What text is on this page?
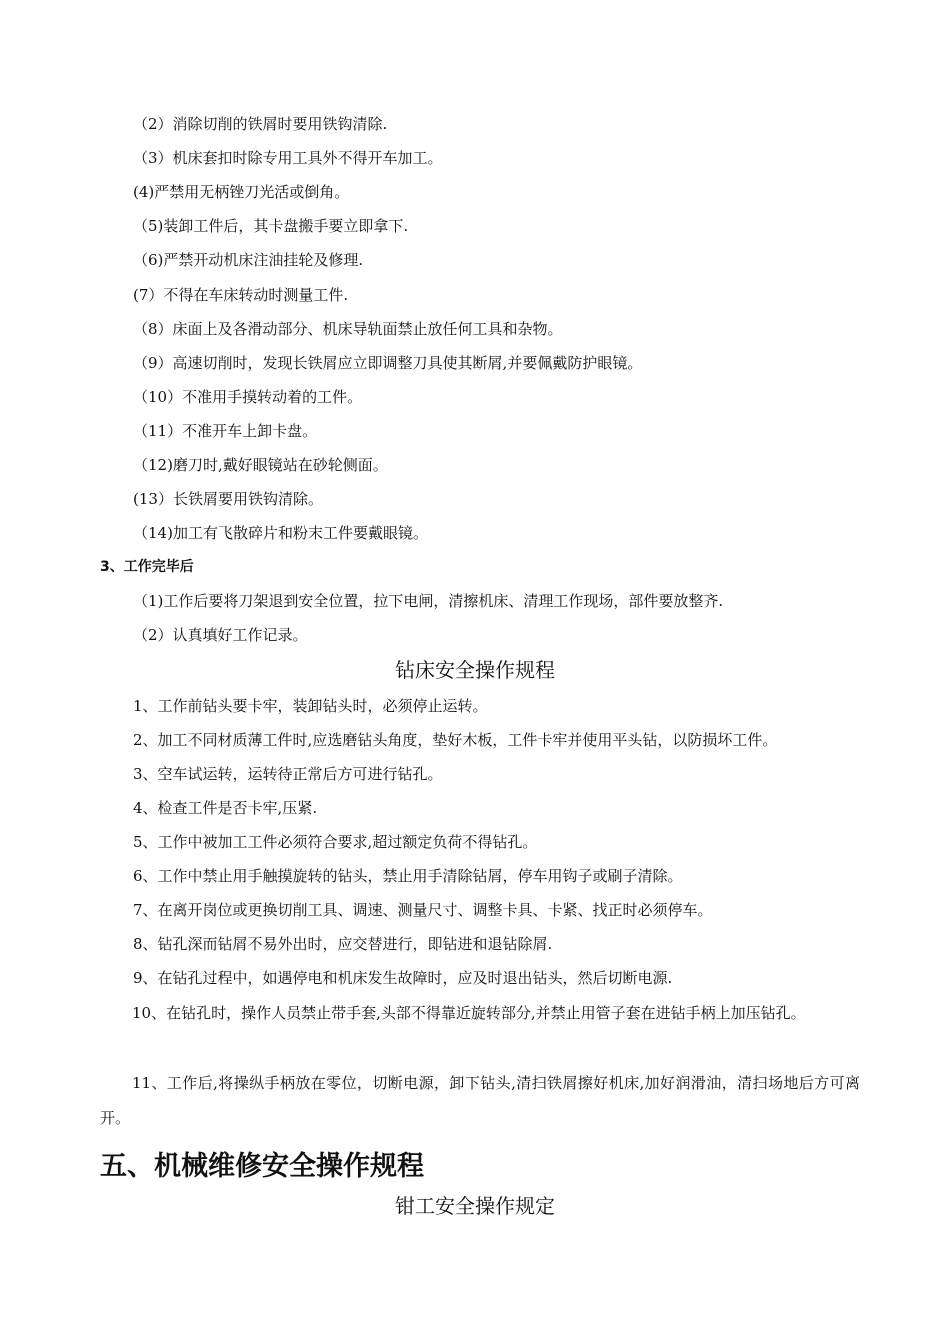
（2）消除切削的铁屑时要用铁钩清除.
（3）机床套扣时除专用工具外不得开车加工。
(4)严禁用无柄锉刀光活或倒角。
（5)装卸工件后，其卡盘搬手要立即拿下.
（6)严禁开动机床注油挂轮及修理.
(7）不得在车床转动时测量工件.
（8）床面上及各滑动部分、机床导轨面禁止放任何工具和杂物。
（9）高速切削时，发现长铁屑应立即调整刀具使其断屑,并要佩戴防护眼镜。
（10）不准用手摸转动着的工件。
（11）不准开车上卸卡盘。
（12)磨刀时,戴好眼镜站在砂轮侧面。
(13）长铁屑要用铁钩清除。
（14)加工有飞散碎片和粉末工件要戴眼镜。
3、工作完毕后
（1)工作后要将刀架退到安全位置，拉下电闸，清擦机床、清理工作现场，部件要放整齐.
（2）认真填好工作记录。
钻床安全操作规程
1、工作前钻头要卡牢，装卸钻头时，必须停止运转。
2、加工不同材质薄工件时,应选磨钻头角度，垫好木板，工件卡牢并使用平头钻，以防损坏工件。
3、空车试运转，运转待正常后方可进行钻孔。
4、检查工件是否卡牢,压紧.
5、工作中被加工工件必须符合要求,超过额定负荷不得钻孔。
6、工作中禁止用手触摸旋转的钻头，禁止用手清除钻屑，停车用钩子或刷子清除。
7、在离开岗位或更换切削工具、调速、测量尺寸、调整卡具、卡紧、找正时必须停车。
8、钻孔深而钻屑不易外出时，应交替进行，即钻进和退钻除屑.
9、在钻孔过程中，如遇停电和机床发生故障时，应及时退出钻头，然后切断电源.
10、在钻孔时，操作人员禁止带手套,头部不得靠近旋转部分,并禁止用管子套在进钻手柄上加压钻孔。
11、工作后,将操纵手柄放在零位，切断电源，卸下钻头,清扫铁屑擦好机床,加好润滑油，清扫场地后方可离开。
五、机械维修安全操作规程
钳工安全操作规定
